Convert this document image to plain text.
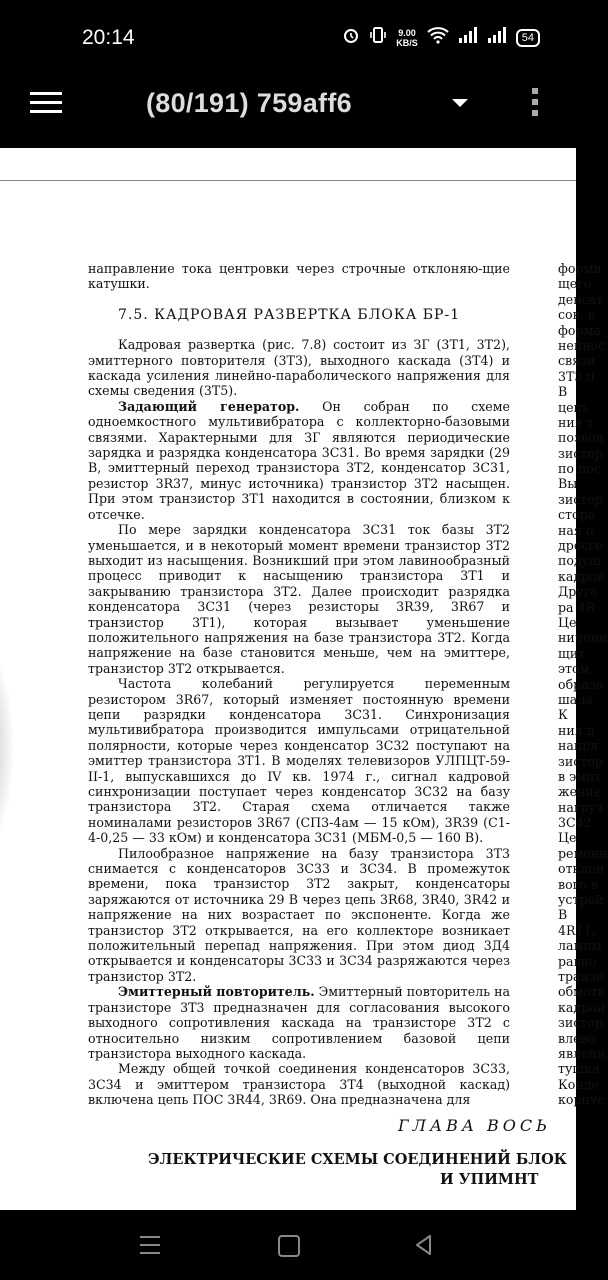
20:14	9.00
KB/S	54
(80/191) 759aff6

направление тока центровки через строчные отклоняю-щие катушки.

7.5. КАДРОВАЯ РАЗВЕРТКА БЛОКА БР-1

Кадровая развертка (рис. 7.8) состоит из ЗГ (3Т1, 3Т2), эмиттерного повторителя (3Т3), выходного каскада (3Т4) и каскада усиления линейно-параболического напряжения для схемы сведения (3Т5).

Задающий генератор. Он собран по схеме одноемкостного мультивибратора с коллекторно-базовыми связями. Характерными для ЗГ являются периодические зарядка и разрядка конденсатора 3С31. Во время зарядки (29 В, эмиттерный переход транзистора 3Т2, конденсатор 3С31, резистор 3R37, минус источника) транзистор 3Т2 насыщен. При этом транзистор 3Т1 находится в состоянии, близком к отсечке.

По мере зарядки конденсатора 3С31 ток базы 3Т2 уменьшается, и в некоторый момент времени транзистор 3Т2 выходит из насыщения. Возникший при этом лавинообразный процесс приводит к насыщению транзистора 3Т1 и закрыванию транзистора 3Т2. Далее происходит разрядка конденсатора 3С31 (через резисторы 3R39, 3R67 и транзистор 3Т1), которая вызывает уменьшение положительного напряжения на базе транзистора 3Т2. Когда напряжение на базе становится меньше, чем на эмиттере, транзистор 3Т2 открывается.

Частота колебаний регулируется переменным резистором 3R67, который изменяет постоянную времени цепи разрядки конденсатора 3С31. Синхронизация мультивибратора производится импульсами отрицательной полярности, которые через конденсатор 3С32 поступают на эмиттер транзистора 3Т1. В моделях телевизоров УЛПЦТ-59-II-1, выпускавшихся до IV кв. 1974 г., сигнал кадровой синхронизации поступает через конденсатор 3С32 на базу транзистора 3Т2. Старая схема отличается также номиналами резисторов 3R67 (СП3-4ам — 15 кОм), 3R39 (С1-4-0,25 — 33 кОм) и конденсатора 3С31 (МБМ-0,5 — 160 В).

Пилообразное напряжение на базу транзистора 3Т3 снимается с конденсаторов 3С33 и 3С34. В промежуток времени, пока транзистор 3Т2 закрыт, конденсаторы заряжаются от источника 29 В через цепь 3R68, 3R40, 3R42 и напряжение на них возрастает по экспоненте. Когда же транзистор 3Т2 открывается, на его коллекторе возникает положительный перепад напряжения. При этом диод 3Д4 открывается и конденсаторы 3С33 и 3С34 разряжаются через транзистор 3Т2.

Эмиттерный повторитель. Эмиттерный повторитель на транзисторе 3Т3 предназначен для согласования высокого выходного сопротивления каскада на транзисторе 3Т2 с относительно низким сопротивлением базовой цепи транзистора выходного каскада.

Между общей точкой соединения конденсаторов 3С33, 3С34 и эмиттером транзистора 3Т4 (выходной каскад) включена цепь ПОС 3R44, 3R69. Она предназначена для

форми
щего
денсат
сов, в
форма
нейнос
связи
3Т3 п
В
цепь
ния т
позвол
зистор
по пос
Вы
зистор
стора
ная о
дроссе
подуш
кадров
Друго
ра 4R
Це
ничени
щих
этом
образо
шала
К
ния д
напря
зистор
в эмит
жение
нагруз
3С42
Це
ременн
отклон
вого в
устрой
В
4R11,
лампы
равно
транзи
обмотк
кадрон
зистор
влево
явлени
тушка
Конде
корпус
ГЛАВА ВОСЬ
ЭЛЕКТРИЧЕСКИЕ СХЕМЫ СОЕДИНЕНИЙ БЛОК
И УПИМНТ
